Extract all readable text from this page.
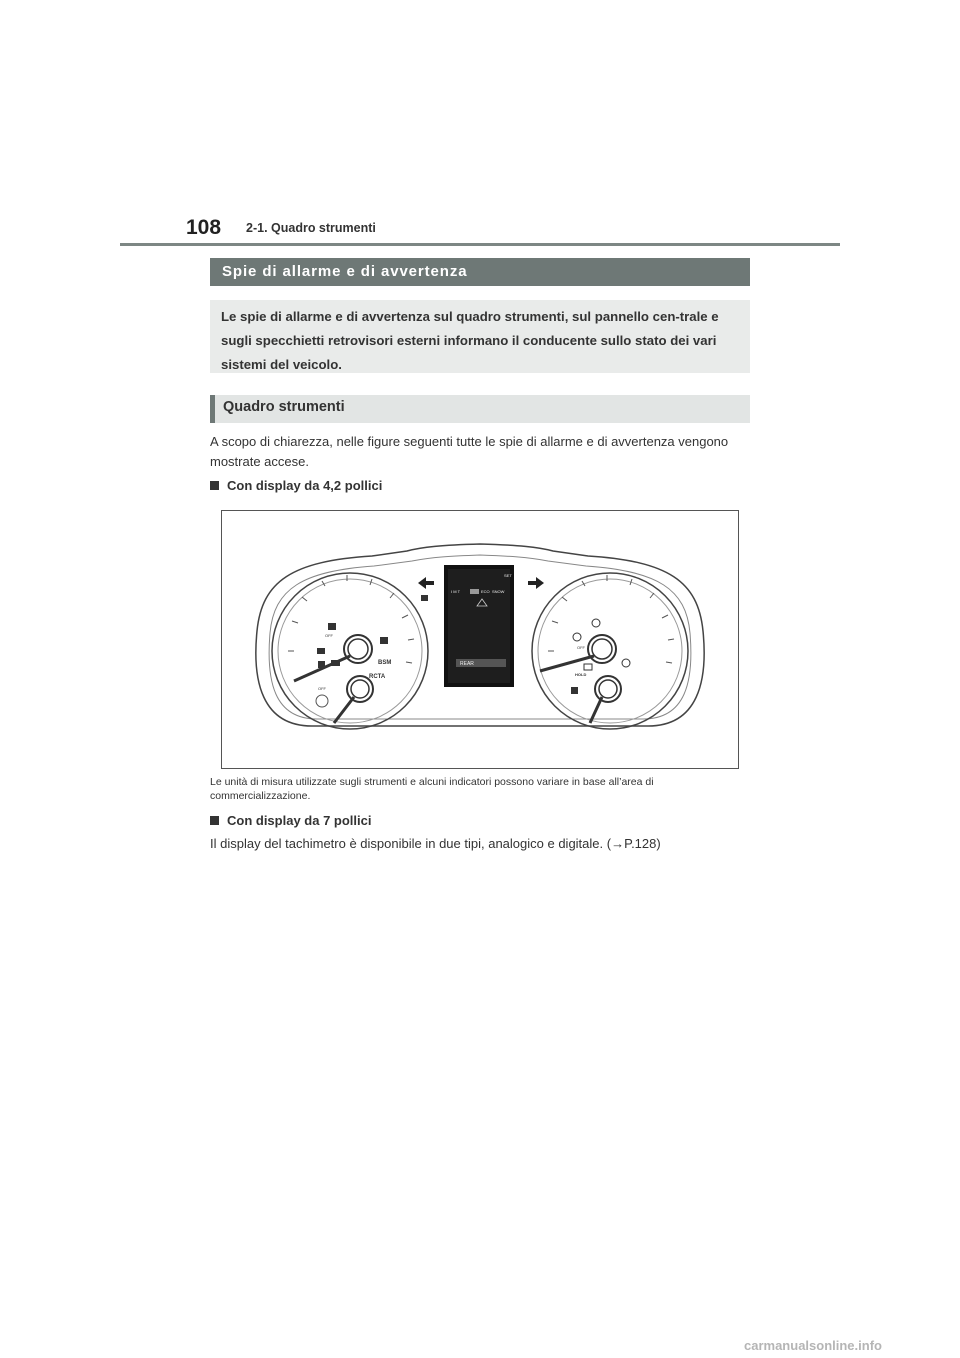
108 2-1. Quadro strumenti
Spie di allarme e di avvertenza

Le spie di allarme e di avvertenza sul quadro strumenti, sul pannello cen-trale e sugli specchietti retrovisori esterni informano il conducente sullo stato dei vari sistemi del veicolo.

Quadro strumenti
A scopo di chiarezza, nelle figure seguenti tutte le spie di allarme e di avvertenza vengono mostrate accese.
Con display da 4,2 pollici
BSM
RCTA
OFF
OFF
I M T	ECO SNOW
SET
REAR
HOLD
OFF
Le unità di misura utilizzate sugli strumenti e alcuni indicatori possono variare in base all’area di commercializzazione.
Con display da 7 pollici
Il display del tachimetro è disponibile in due tipi, analogico e digitale. (→P.128)
carmanualsonline.info
